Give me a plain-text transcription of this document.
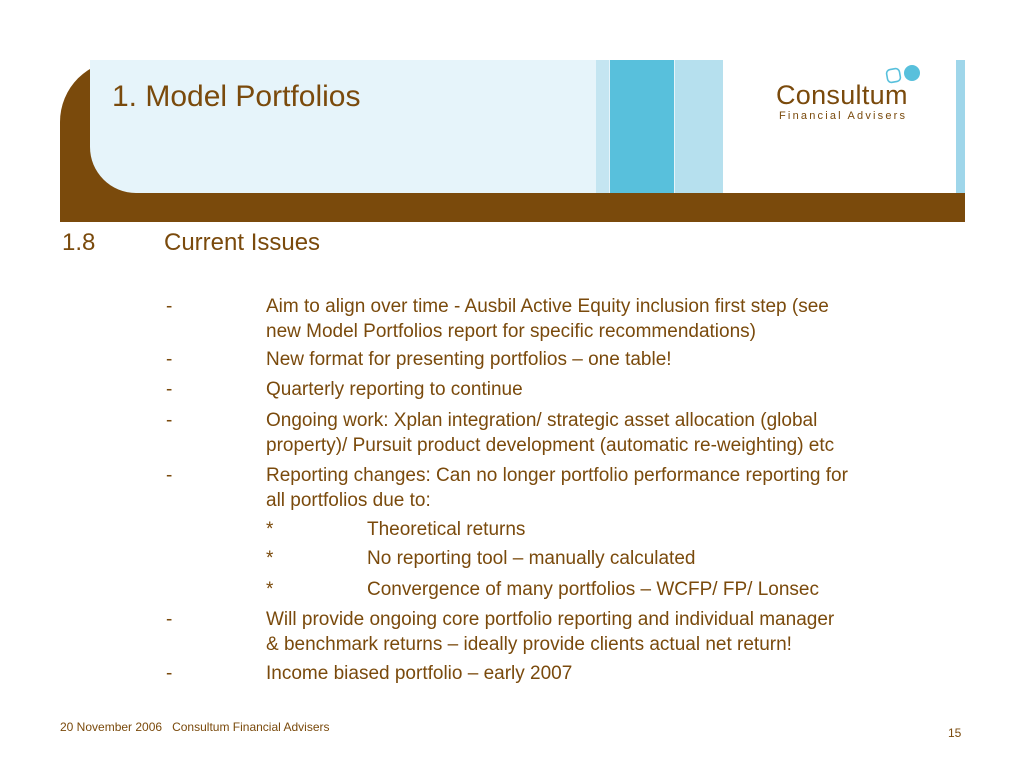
1. Model Portfolios	Consultum
Financial Advisers
1.8	Current Issues
-	Aim to align over time - Ausbil Active Equity inclusion first step (see
new Model Portfolios report for specific recommendations)
-	New format for presenting portfolios – one table!
-	Quarterly reporting to continue
-	Ongoing work: Xplan integration/ strategic asset allocation (global
property)/ Pursuit product development (automatic re-weighting) etc
-	Reporting changes: Can no longer portfolio performance reporting for
all portfolios due to:
*	Theoretical returns
*	No reporting tool – manually calculated
*	Convergence of many portfolios – WCFP/ FP/ Lonsec
-	Will provide ongoing core portfolio reporting and individual manager
& benchmark returns – ideally provide clients actual net return!
-	Income biased portfolio – early 2007
20 November 2006 Consultum Financial Advisers	15
